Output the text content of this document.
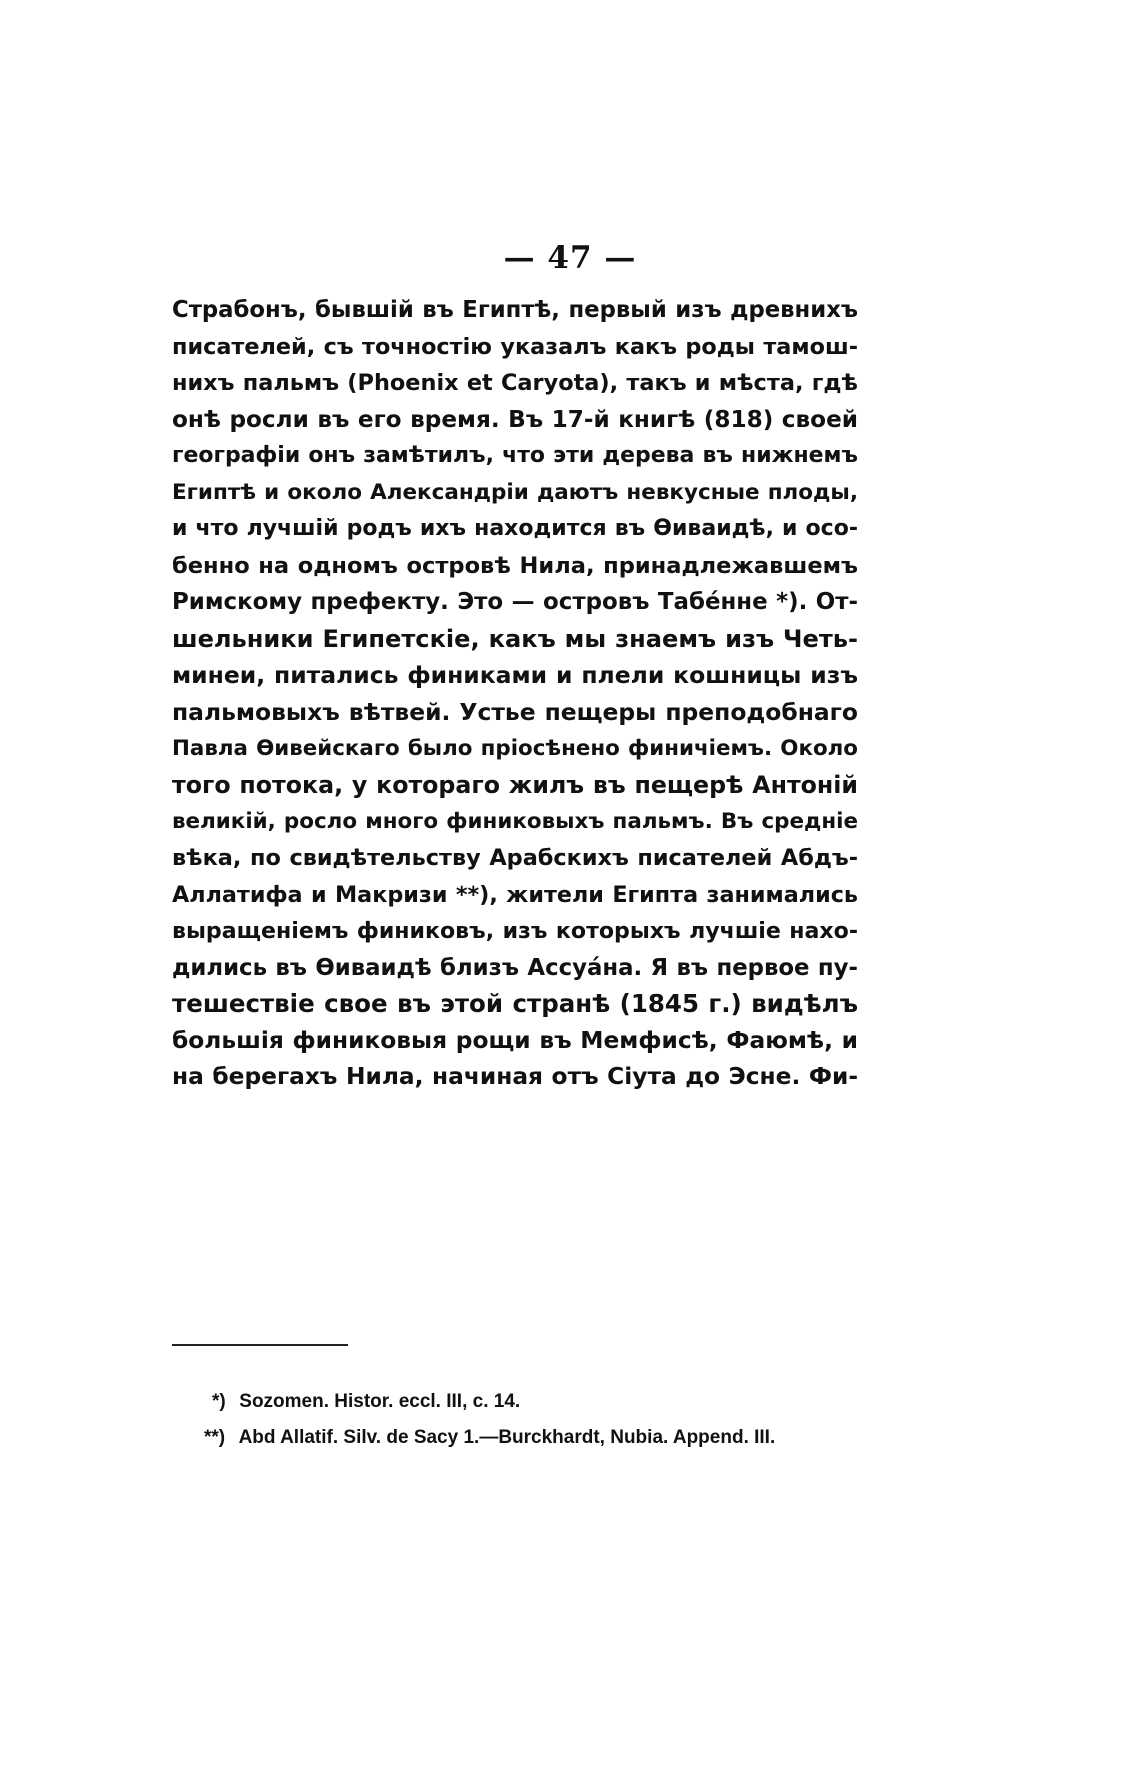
— 47 —
Страбонъ, бывшій въ Египтѣ, первый изъ древнихъ
писателей, съ точностію указалъ какъ роды тамош-
нихъ пальмъ (Phoenix et Caryota), такъ и мѣста, гдѣ
онѣ росли въ его время. Въ 17-й книгѣ (818) своей
географіи онъ замѣтилъ, что эти дерева въ нижнемъ
Египтѣ и около Александріи даютъ невкусные плоды,
и что лучшій родъ ихъ находится въ Өиваидѣ, и осо-
бенно на одномъ островѣ Нила, принадлежавшемъ
Римскому префекту. Это — островъ Табе́нне *). От-
шельники Египетскіе, какъ мы знаемъ изъ Четь-
минеи, питались финиками и плели кошницы изъ
пальмовыхъ вѣтвей. Устье пещеры преподобнаго
Павла Өивейскаго было пріосѣнено финичіемъ. Около
того потока, у котораго жилъ въ пещерѣ Антоній
великій, росло много финиковыхъ пальмъ. Въ средніе
вѣка, по свидѣтельству Арабскихъ писателей Абдъ-
Аллатифа и Макризи **), жители Египта занимались
выращеніемъ финиковъ, изъ которыхъ лучшіе нахо-
дились въ Өиваидѣ близъ Ассуа́на. Я въ первое пу-
тешествіе свое въ этой странѣ (1845 г.) видѣлъ
большія финиковыя рощи въ Мемфисѣ, Фаюмѣ, и
на берегахъ Нила, начиная отъ Сіута до Эсне. Фи-
*) Sozomen. Histor. eccl. III, c. 14.
**) Abd Allatif. Silv. de Sacy 1.—Burckhardt, Nubia. Append. III.
